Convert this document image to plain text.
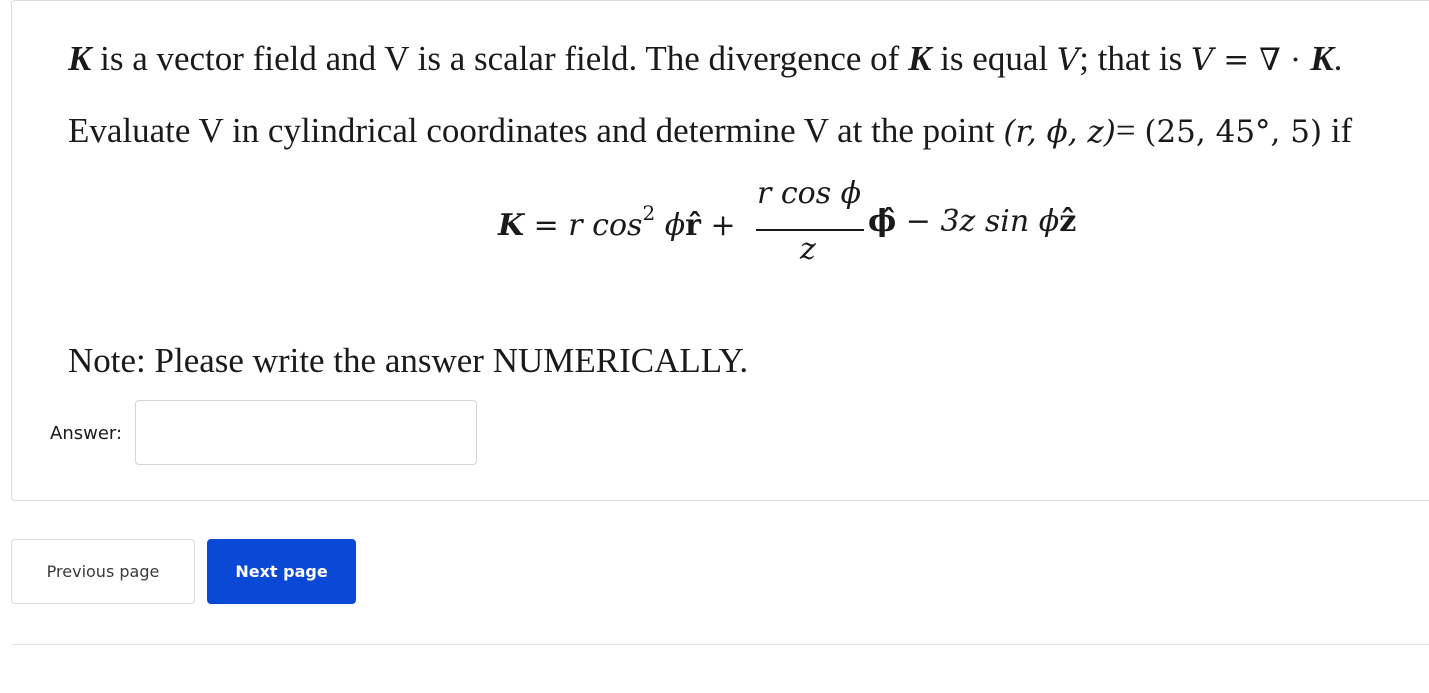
K is a vector field and V is a scalar field. The divergence of K is equal V; that is V = ∇ · K.
Evaluate V in cylindrical coordinates and determine V at the point (r, ϕ, z)= (25, 45°, 5) if
K = r $\cos^2$ ϕr̂ +
r cos ϕ
z
ϕ̂ − 3z sin ϕẑ
Note: Please write the answer NUMERICALLY.
Answer:
Previous page	Next page
